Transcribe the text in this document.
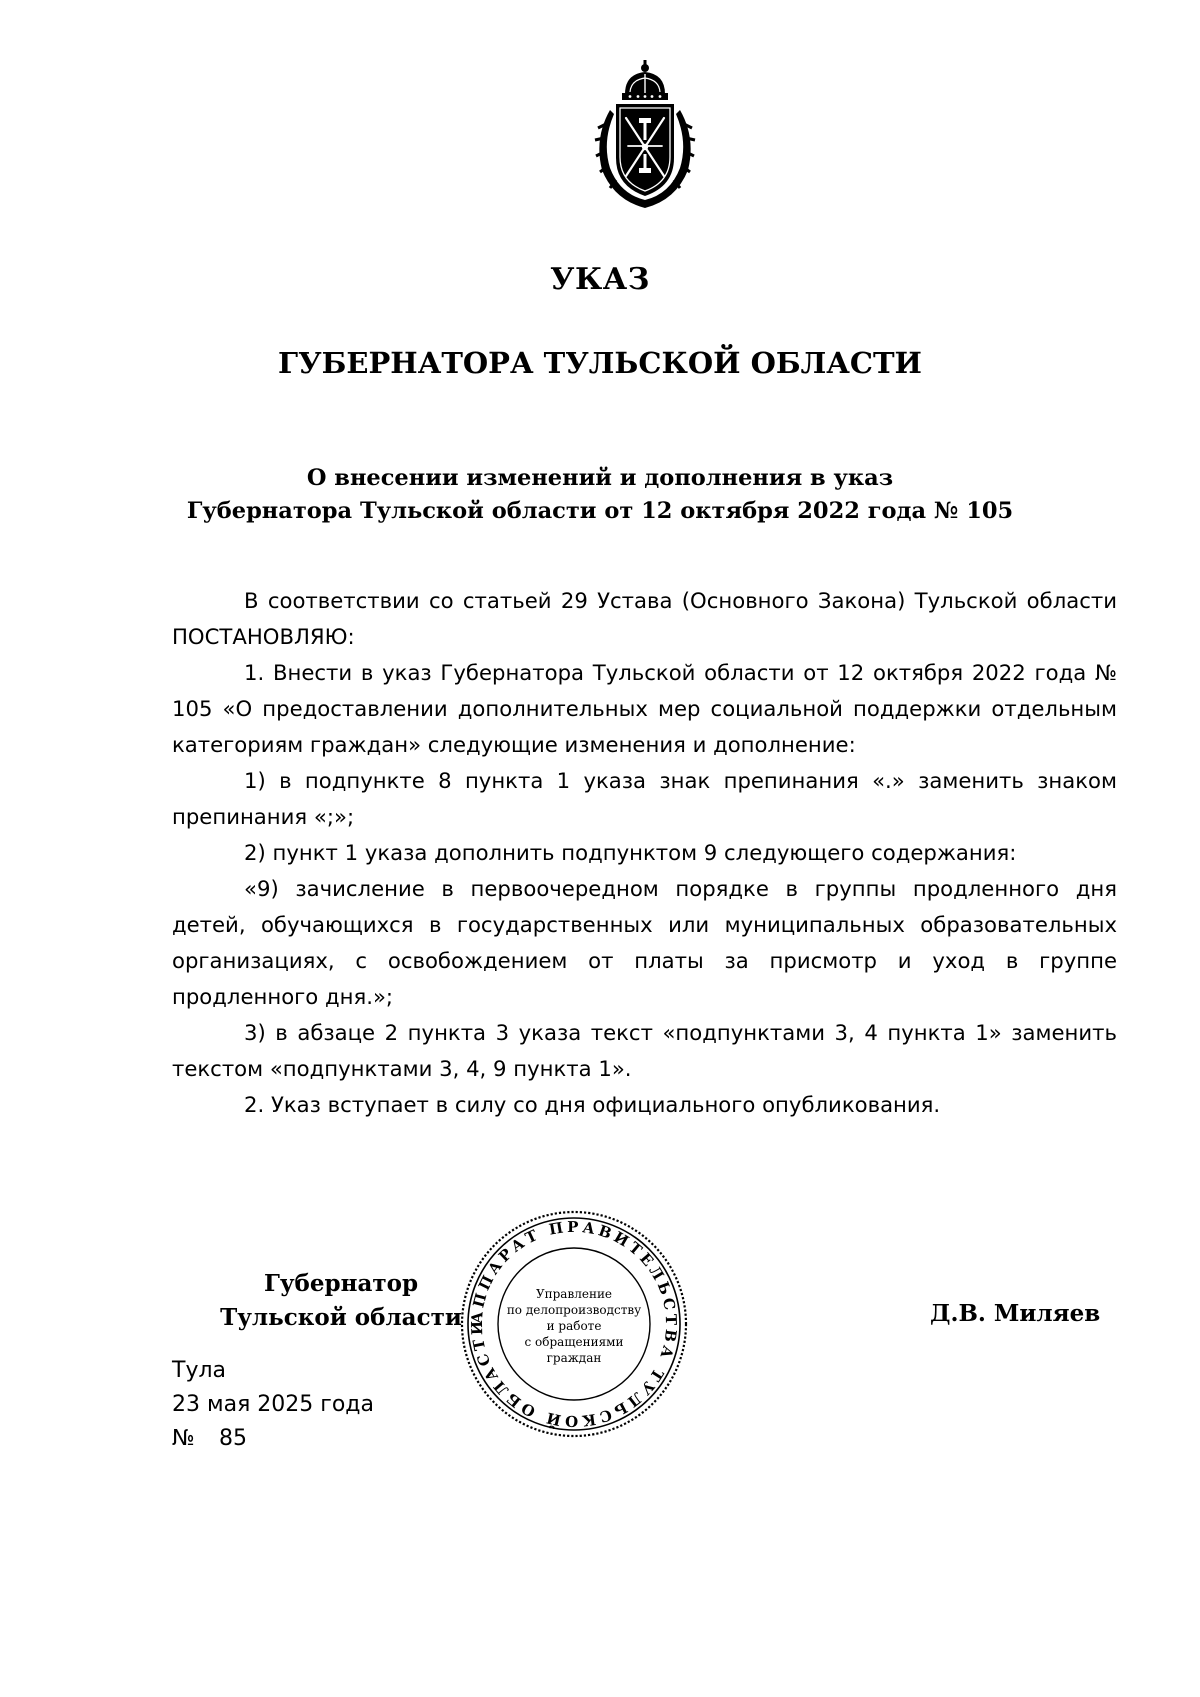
УКАЗ
ГУБЕРНАТОРА ТУЛЬСКОЙ ОБЛАСТИ
О внесении изменений и дополнения в указ
Губернатора Тульской области от 12 октября 2022 года № 105

В соответствии со статьей 29 Устава (Основного Закона) Тульской области ПОСТАНОВЛЯЮ:

1. Внести в указ Губернатора Тульской области от 12 октября 2022 года № 105 «О предоставлении дополнительных мер социальной поддержки отдельным категориям граждан» следующие изменения и дополнение:

1) в подпункте 8 пункта 1 указа знак препинания «.» заменить знаком препинания «;»;

2) пункт 1 указа дополнить подпунктом 9 следующего содержания:

«9) зачисление в первоочередном порядке в группы продленного дня детей, обучающихся в государственных или муниципальных образовательных организациях, с освобождением от платы за присмотр и уход в группе продленного дня.»;

3) в абзаце 2 пункта 3 указа текст «подпунктами 3, 4 пункта 1» заменить текстом «подпунктами 3, 4, 9 пункта 1».

2. Указ вступает в силу со дня официального опубликования.

Губернатор
Тульской области АППАРАТ ПРАВИТЕЛЬСТВА ТУЛЬСКОЙ ОБЛАСТИ
Управление
по делопроизводству
и работе
с обращениями
граждан
Д.В. Миляев
Тула
23 мая 2025 года
№ 85
